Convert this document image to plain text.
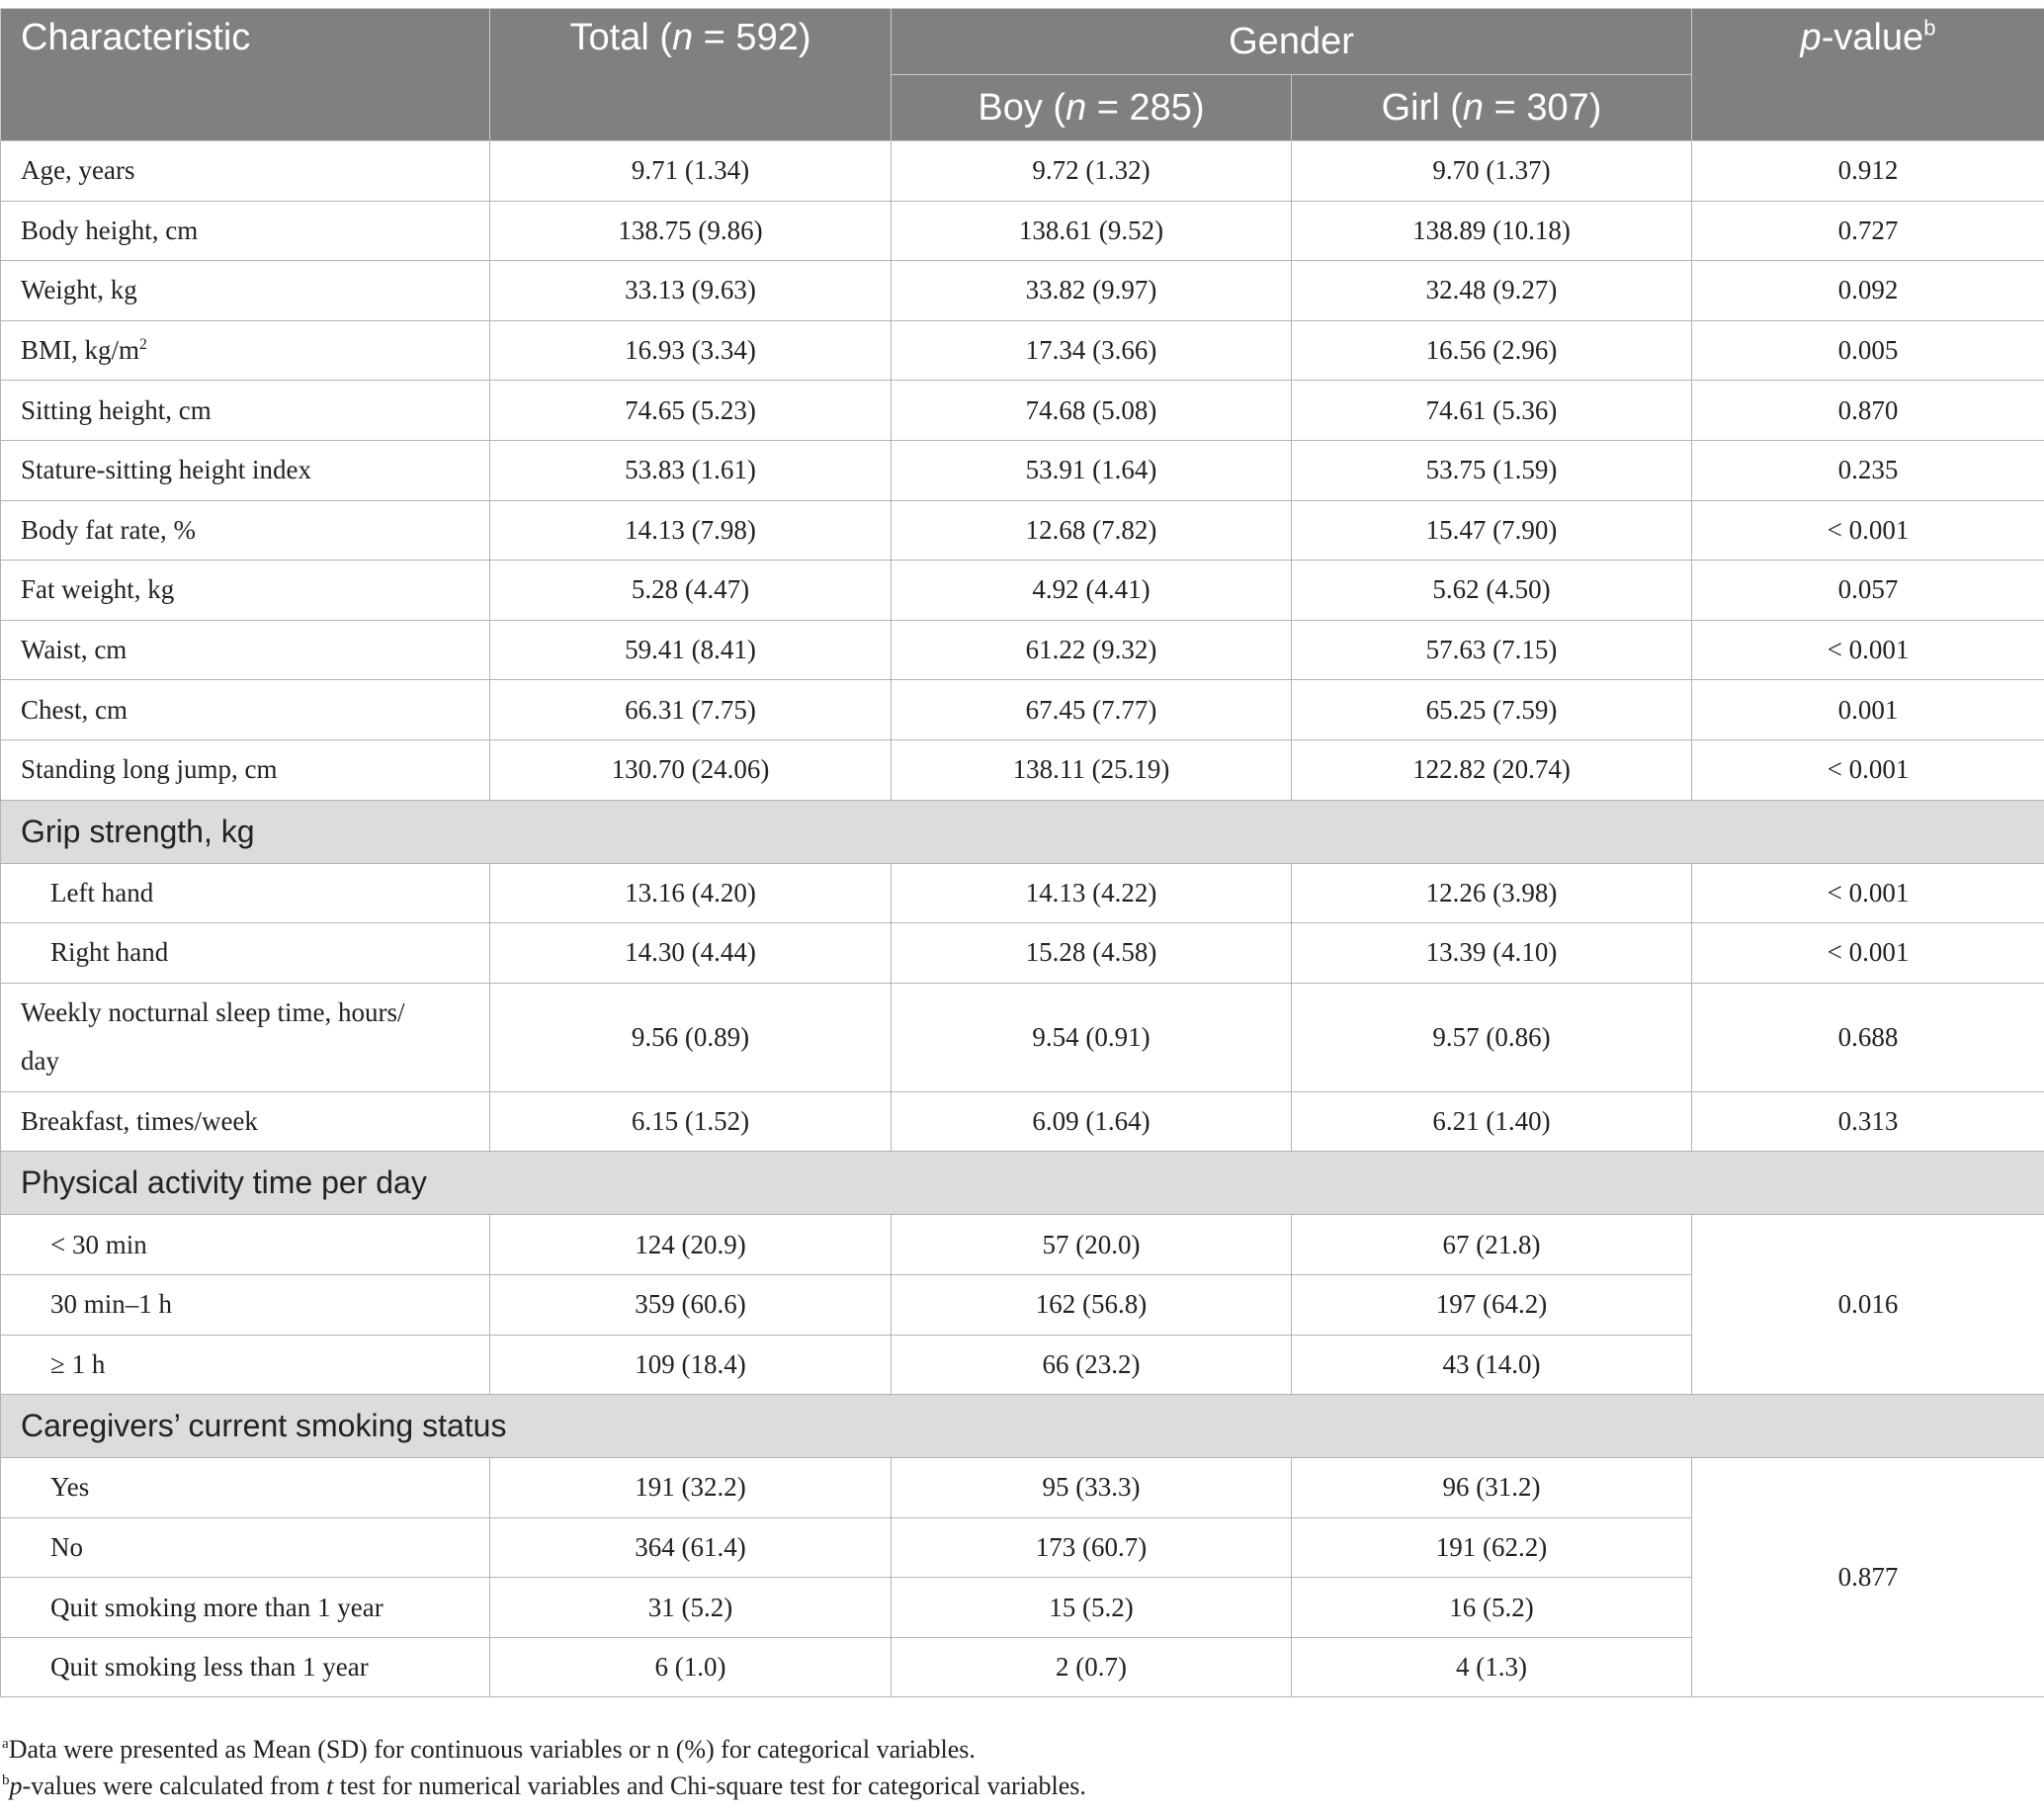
Characteristic	Total (n = 592)	Gender		p-value$^b$
		Boy (n = 285)	Girl (n = 307)	
Age, years	9.71 (1.34)	9.72 (1.32)	9.70 (1.37)	0.912
Body height, cm	138.75 (9.86)	138.61 (9.52)	138.89 (10.18)	0.727
Weight, kg	33.13 (9.63)	33.82 (9.97)	32.48 (9.27)	0.092
BMI, $kg/m^2$	16.93 (3.34)	17.34 (3.66)	16.56 (2.96)	0.005
Sitting height, cm	74.65 (5.23)	74.68 (5.08)	74.61 (5.36)	0.870
Stature-sitting height index	53.83 (1.61)	53.91 (1.64)	53.75 (1.59)	0.235
Body fat rate, %	14.13 (7.98)	12.68 (7.82)	15.47 (7.90)	< 0.001
Fat weight, kg	5.28 (4.47)	4.92 (4.41)	5.62 (4.50)	0.057
Waist, cm	59.41 (8.41)	61.22 (9.32)	57.63 (7.15)	< 0.001
Chest, cm	66.31 (7.75)	67.45 (7.77)	65.25 (7.59)	0.001
Standing long jump, cm	130.70 (24.06)	138.11 (25.19)	122.82 (20.74)	< 0.001
Grip strength, kg				
Left hand	13.16 (4.20)	14.13 (4.22)	12.26 (3.98)	< 0.001
Right hand	14.30 (4.44)	15.28 (4.58)	13.39 (4.10)	< 0.001
Weekly nocturnal sleep time, hours/
day	9.56 (0.89)	9.54 (0.91)	9.57 (0.86)	0.688
Breakfast, times/week	6.15 (1.52)	6.09 (1.64)	6.21 (1.40)	0.313
Physical activity time per day				
< 30 min	124 (20.9)	57 (20.0)	67 (21.8)	0.016
30 min–1 h	359 (60.6)	162 (56.8)	197 (64.2)	
≥ 1 h	109 (18.4)	66 (23.2)	43 (14.0)	
Caregivers’ current smoking status				
Yes	191 (32.2)	95 (33.3)	96 (31.2)	0.877
No	364 (61.4)	173 (60.7)	191 (62.2)	
Quit smoking more than 1 year	31 (5.2)	15 (5.2)	16 (5.2)	
Quit smoking less than 1 year	6 (1.0)	2 (0.7)	4 (1.3)	
$^a$Data were presented as Mean (SD) for continuous variables or n (%) for categorical variables.
$^b$p-values were calculated from t test for numerical variables and Chi-square test for categorical variables.
